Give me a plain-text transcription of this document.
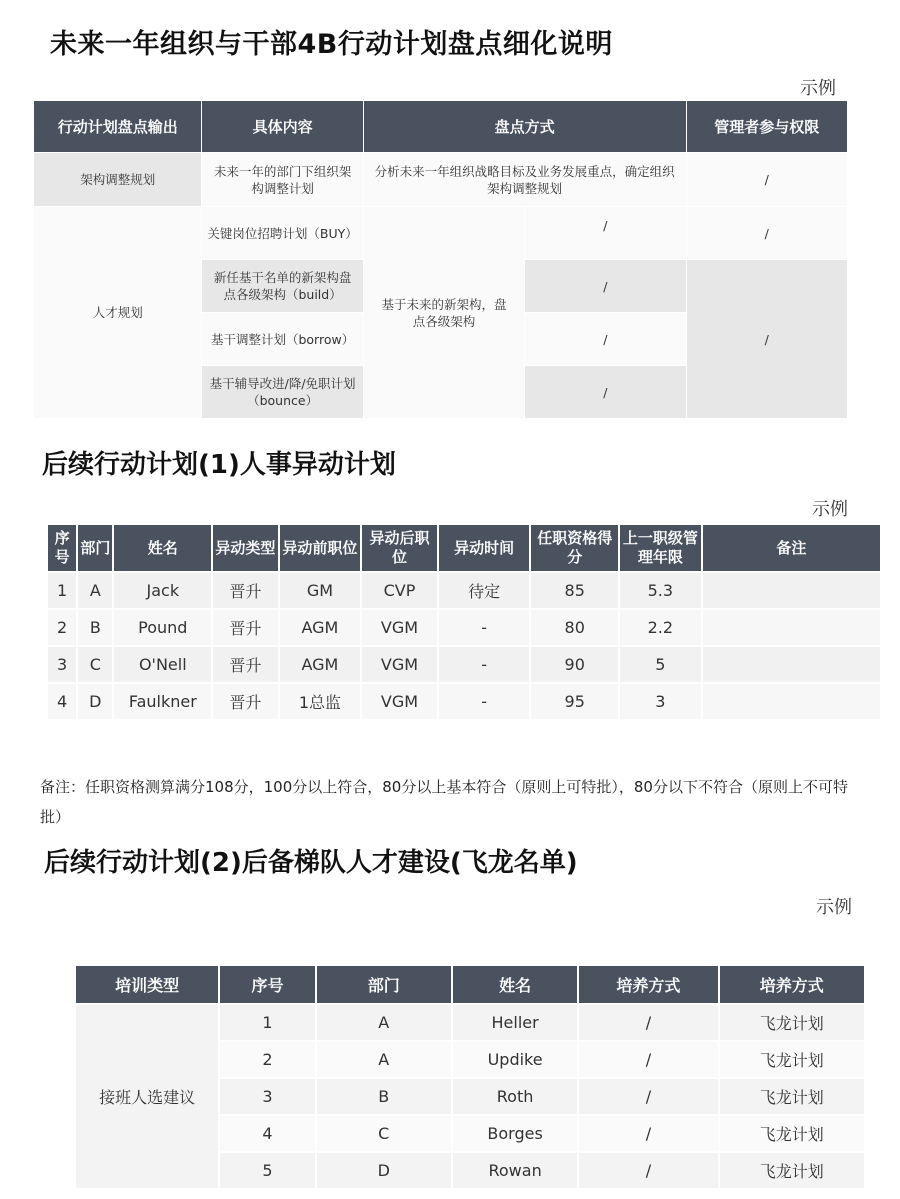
未来一年组织与干部4B行动计划盘点细化说明
示例
行动计划盘点输出	具体内容	盘点方式		管理者参与权限
架构调整规划	未来一年的部门下组织架构调整计划	分析未来一年组织战略目标及业务发展重点，确定组织架构调整规划		/
人才规划	关键岗位招聘计划（BUY）	基于未来的新架构，盘点各级架构	/	/
	新任基干名单的新架构盘点各级架构（build）		/	/
	基干调整计划（borrow）		/	
	基干辅导改进/降/免职计划（bounce）		/	
后续行动计划(1)人事异动计划
示例
序号	部门	姓名	异动类型	异动前职位	异动后职位	异动时间	任职资格得分	上一职级管理年限	备注
1	A	Jack	晋升	GM	CVP	待定	85	5.3	
2	B	Pound	晋升	AGM	VGM	-	80	2.2	
3	C	O'Nell	晋升	AGM	VGM	-	90	5	
4	D	Faulkner	晋升	1总监	VGM	-	95	3	
备注：任职资格测算满分108分，100分以上符合，80分以上基本符合（原则上可特批），80分以下不符合（原则上不可特批）
后续行动计划(2)后备梯队人才建设(飞龙名单)
示例
培训类型	序号	部门	姓名	培养方式	培养方式
接班人选建议	1	A	Heller	/	飞龙计划
	2	A	Updike	/	飞龙计划
	3	B	Roth	/	飞龙计划
	4	C	Borges	/	飞龙计划
	5	D	Rowan	/	飞龙计划
